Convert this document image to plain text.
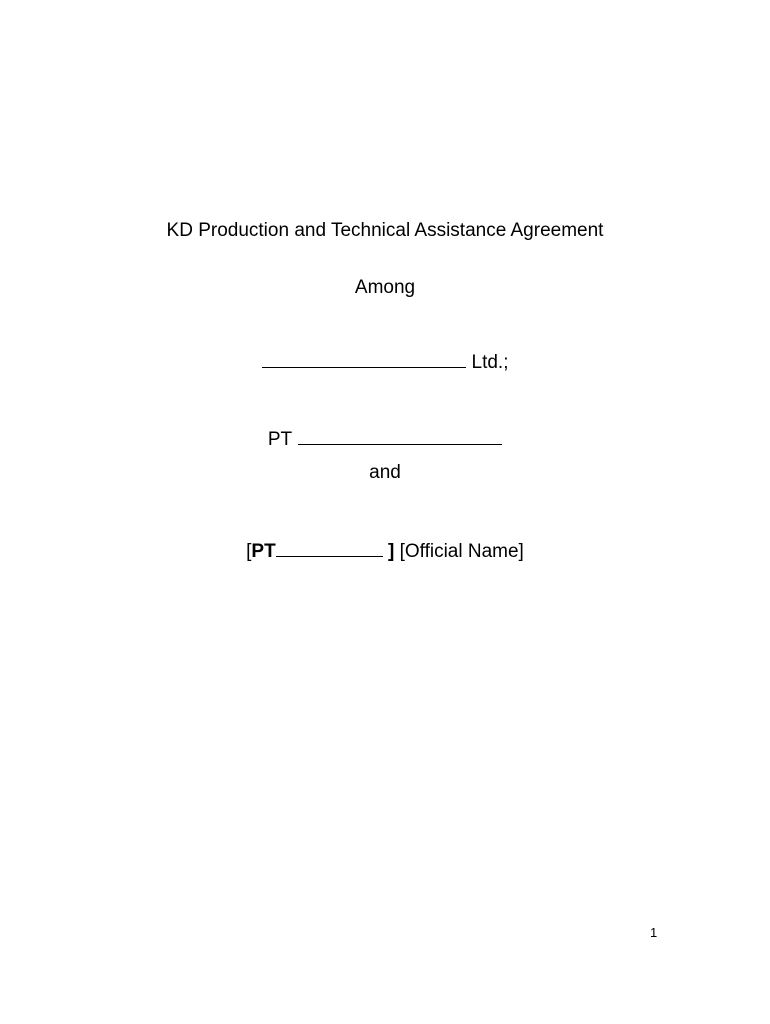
KD Production and Technical Assistance Agreement
Among
Ltd.;
PT
and
[PT	] [Official Name]
1
